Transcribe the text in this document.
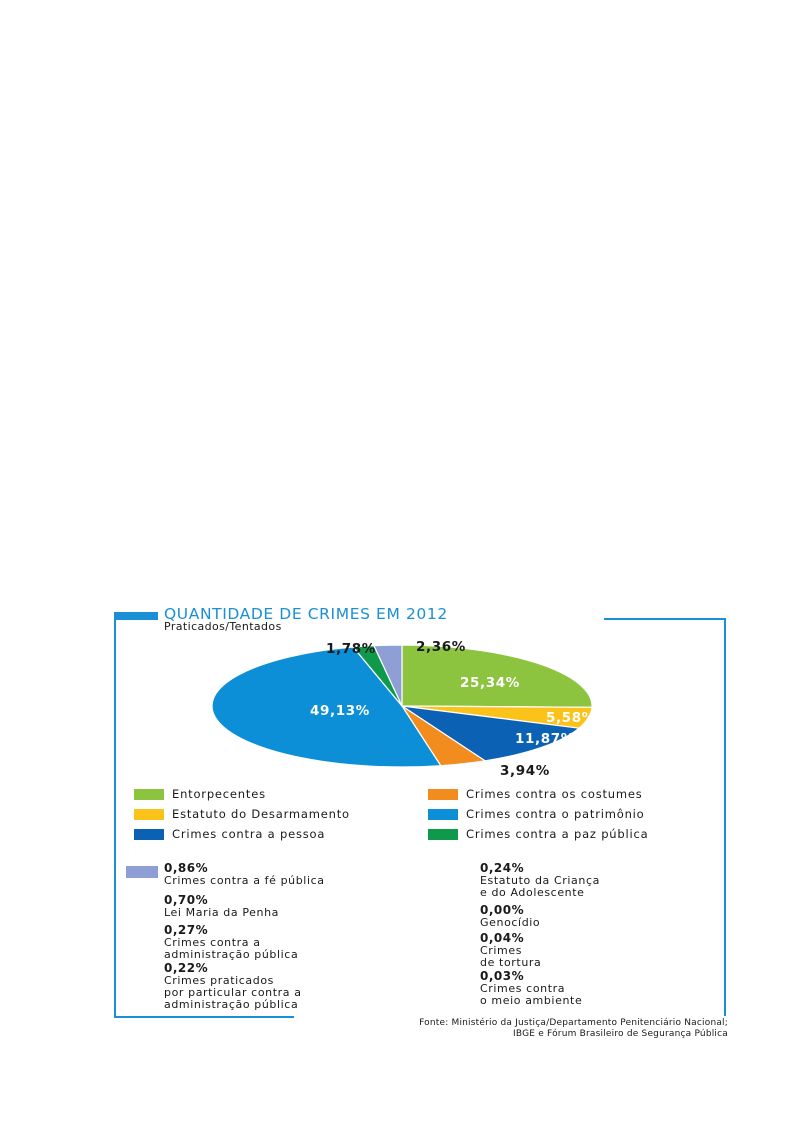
QUANTIDADE DE CRIMES EM 2012
Praticados/Tentados
25,34%
5,58%
11,87%
3,94%
49,13%
1,78%	2,36%
Entorpecentes	Crimes contra os costumes
Estatuto do Desarmamento	Crimes contra o patrimônio
Crimes contra a pessoa	Crimes contra a paz pública
0,86%
Crimes contra a fé pública
0,70%
Lei Maria da Penha
0,27%
Crimes contra a
administração pública
0,22%
Crimes praticados
por particular contra a
administração pública
0,24%
Estatuto da Criança
e do Adolescente
0,00%
Genocídio
0,04%
Crimes
de tortura
0,03%
Crimes contra
o meio ambiente
Fonte: Ministério da Justiça/Departamento Penitenciário Nacional;
IBGE e Fórum Brasileiro de Segurança Pública
